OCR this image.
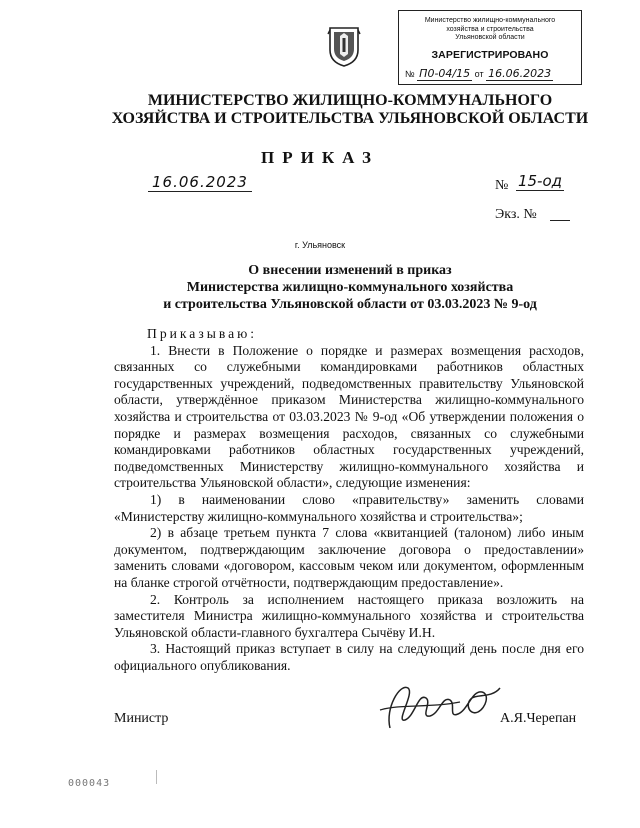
Министерство жилищно-коммунального
хозяйства и строительства
Ульяновской области
ЗАРЕГИСТРИРОВАНО
№ П0-04/15 от 16.06.2023
МИНИСТЕРСТВО ЖИЛИЩНО-КОММУНАЛЬНОГО
ХОЗЯЙСТВА И СТРОИТЕЛЬСТВА УЛЬЯНОВСКОЙ ОБЛАСТИ
ПРИКАЗ
16.06.2023	№ 15-од
Экз. №
г. Ульяновск
О внесении изменений в приказ
Министерства жилищно-коммунального хозяйства
и строительства Ульяновской области от 03.03.2023 № 9-од

Приказываю:

1. Внести в Положение о порядке и размерах возмещения расходов, связанных со служебными командировками работников областных государственных учреждений, подведомственных правительству Ульяновской области, утверждённое приказом Министерства жилищно-коммунального хозяйства и строительства от 03.03.2023 № 9-од «Об утверждении положения о порядке и размерах возмещения расходов, связанных со служебными командировками работников областных государственных учреждений, подведомственных Министерству жилищно-коммунального хозяйства и строительства Ульяновской области», следующие изменения:

1) в наименовании слово «правительству» заменить словами «Министерству жилищно-коммунального хозяйства и строительства»;

2) в абзаце третьем пункта 7 слова «квитанцией (талоном) либо иным документом, подтверждающим заключение договора о предоставлении» заменить словами «договором, кассовым чеком или документом, оформленным на бланке строгой отчётности, подтверждающим предоставление».

2. Контроль за исполнением настоящего приказа возложить на заместителя Министра жилищно-коммунального хозяйства и строительства Ульяновской области-главного бухгалтера Сычёву И.Н.

3. Настоящий приказ вступает в силу на следующий день после дня его официального опубликования.

Министр	А.Я.Черепан
000043
